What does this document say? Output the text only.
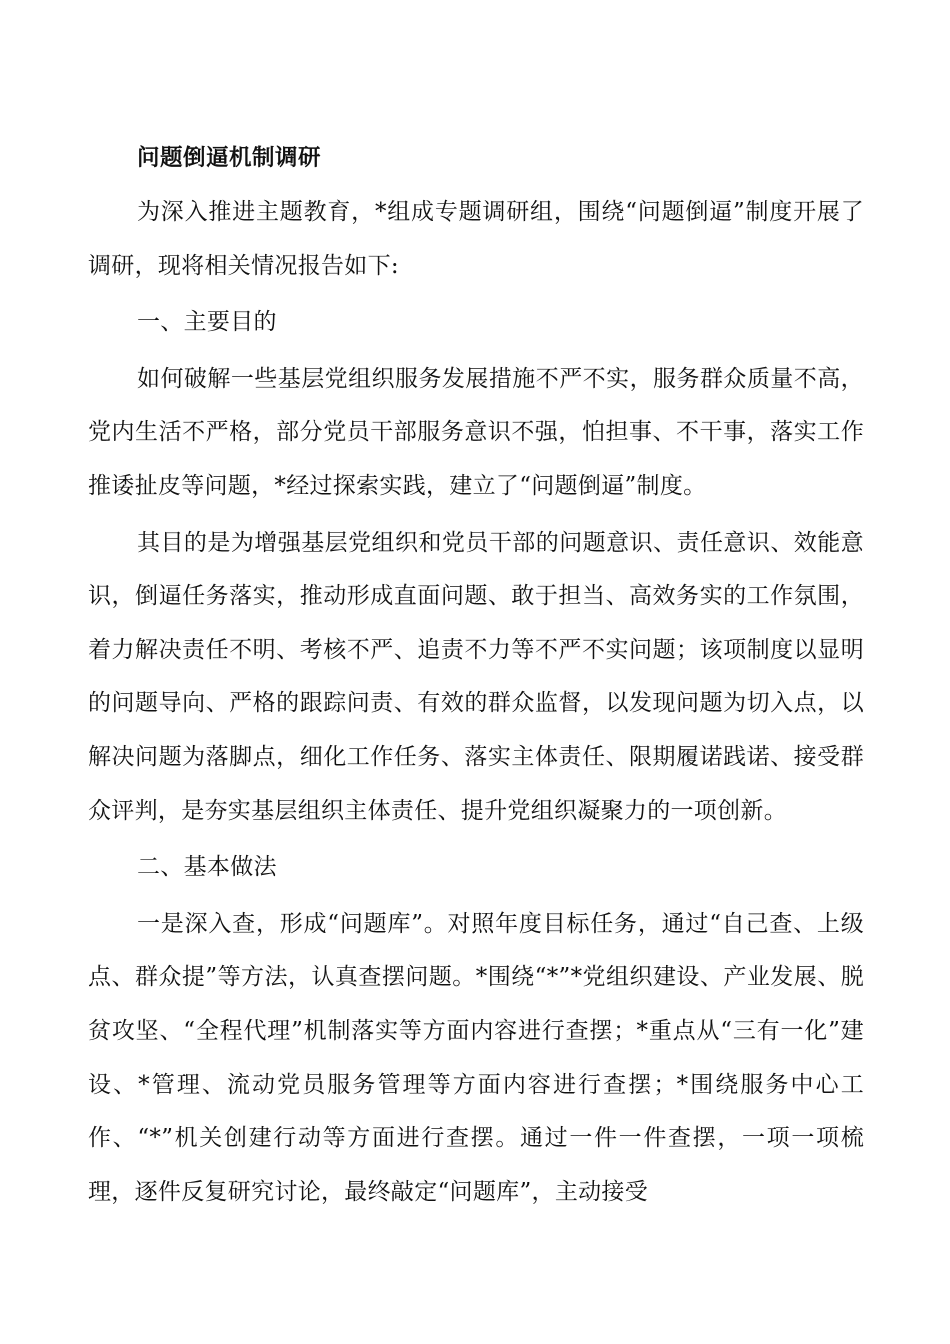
问题倒逼机制调研

为深入推进主题教育，*组成专题调研组，围绕“问题倒逼”制度开展了调研，现将相关情况报告如下:

一、主要目的

如何破解一些基层党组织服务发展措施不严不实，服务群众质量不高，党内生活不严格，部分党员干部服务意识不强，怕担事、不干事，落实工作推诿扯皮等问题，*经过探索实践，建立了“问题倒逼”制度。

其目的是为增强基层党组织和党员干部的问题意识、责任意识、效能意识，倒逼任务落实，推动形成直面问题、敢于担当、高效务实的工作氛围，着力解决责任不明、考核不严、追责不力等不严不实问题；该项制度以显明的问题导向、严格的跟踪问责、有效的群众监督，以发现问题为切入点，以解决问题为落脚点，细化工作任务、落实主体责任、限期履诺践诺、接受群众评判，是夯实基层组织主体责任、提升党组织凝聚力的一项创新。

二、基本做法

一是深入查，形成“问题库”。对照年度目标任务，通过“自己查、上级点、群众提”等方法，认真查摆问题。*围绕“*”*党组织建设、产业发展、脱贫攻坚、“全程代理”机制落实等方面内容进行查摆；*重点从“三有一化”建设、*管理、流动党员服务管理等方面内容进行查摆；*围绕服务中心工作、“*”机关创建行动等方面进行查摆。通过一件一件查摆，一项一项梳理，逐件反复研究讨论，最终敲定“问题库”，主动接受
